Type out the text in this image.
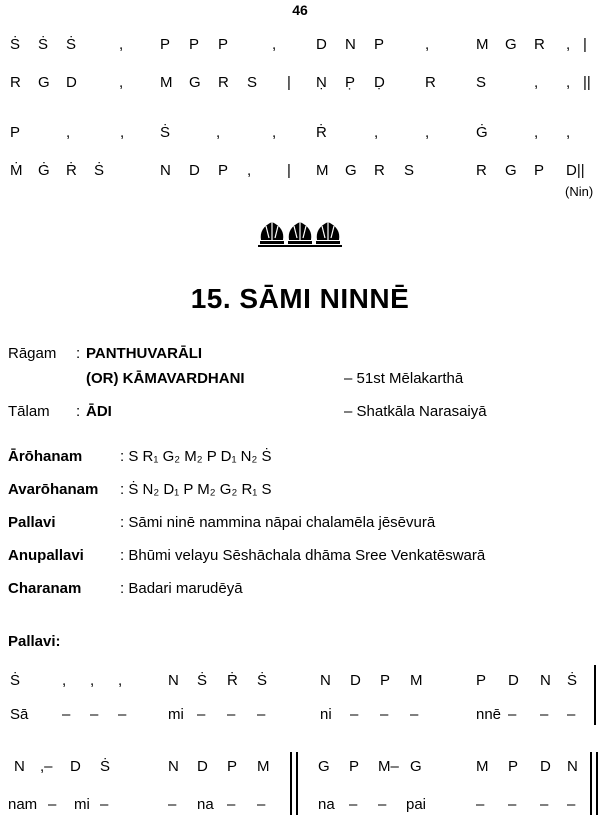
46
Ṡ Ṡ Ṡ	, P P P	,	D N P	,	M G R , |
R G D	, M G R S | Ṇ P̣ Ḍ	R	S	, , ||
P	,	, Ṡ	,	,	Ṙ	,	,	Ġ	, ,
Ṁ Ġ Ṙ Ṡ	N D P , | M G R S	R G P D||
(Nin)
15. SĀMI NINNĒ
Rāgam : PANTHUVARĀLI
(OR) KĀMAVARDHANI	– 51st Mēlakarthā
Tālam : ĀDI	– Shatkāla Narasaiyā
Ārōhanam	: S R₁ G₂ M₂ P D₁ N₂ Ṡ
Avarōhanam : Ṡ N₂ D₁ P M₂ G₂ R₁ S
Pallavi	: Sāmi ninē nammina nāpai chalamēla jēsēvurā
Anupallavi : Bhūmi velayu Sēshāchala dhāma Sree Venkatēswarā
Charanam	: Badari marudēyā
Pallavi:
Ṡ	, , ,	N Ṡ Ṙ Ṡ	N D P M	P D N Ṡ
Sā – – –	mi – – –	ni – – –	nnē – – –
N ,– D Ṡ	N D P M	G P M– G	M P D N
nam – mi –	– na – –	na – – pai	– – – –
